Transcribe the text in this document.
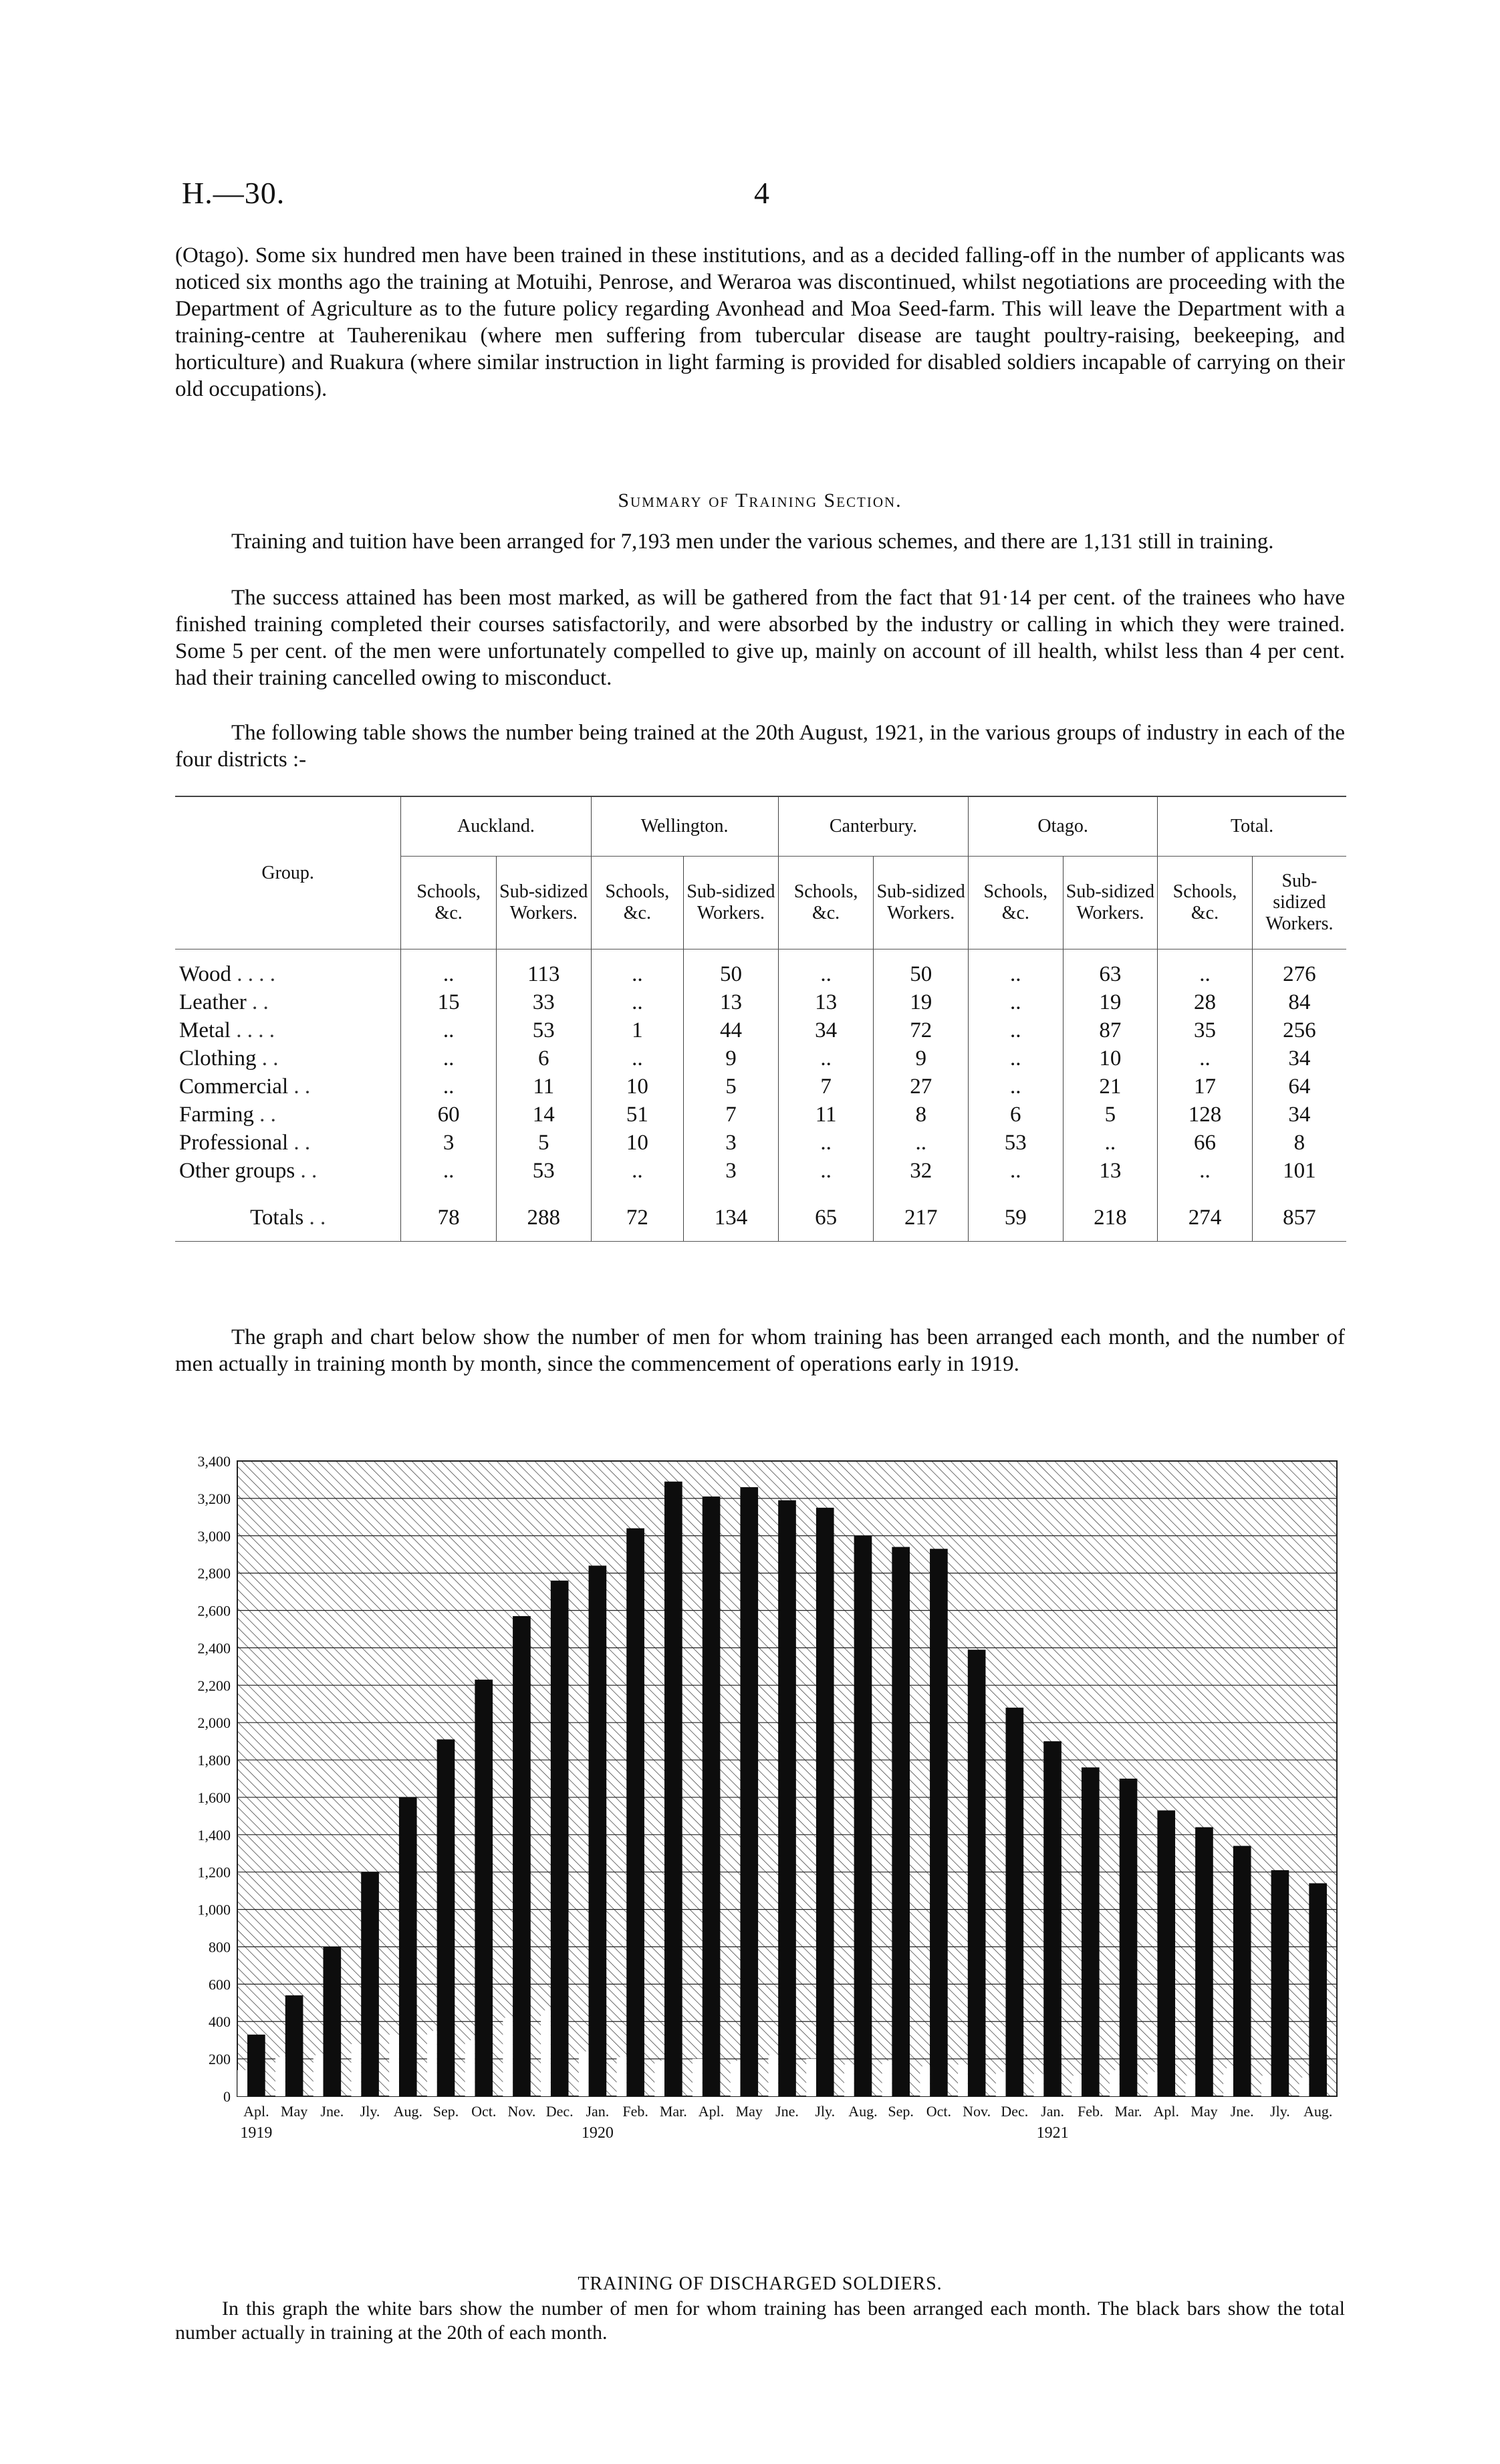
H.—30.	4

(Otago). Some six hundred men have been trained in these institutions, and as a decided falling-off in the number of applicants was noticed six months ago the training at Motuihi, Penrose, and Weraroa was discontinued, whilst negotiations are proceeding with the Department of Agriculture as to the future policy regarding Avonhead and Moa Seed-farm. This will leave the Department with a training-centre at Tauherenikau (where men suffering from tubercular disease are taught poultry-raising, beekeeping, and horticulture) and Ruakura (where similar instruction in light farming is provided for disabled soldiers incapable of carrying on their old occupations).

Summary of Training Section.

Training and tuition have been arranged for 7,193 men under the various schemes, and there are 1,131 still in training.

The success attained has been most marked, as will be gathered from the fact that 91·14 per cent. of the trainees who have finished training completed their courses satisfactorily, and were absorbed by the industry or calling in which they were trained. Some 5 per cent. of the men were unfortunately compelled to give up, mainly on account of ill health, whilst less than 4 per cent. had their training cancelled owing to misconduct.

The following table shows the number being trained at the 20th August, 1921, in the various groups of industry in each of the four districts :-

Group.	Auckland.		Wellington.		Canterbury.		Otago.		Total.	
	Schools, &c.	Sub-sidized Workers.	Schools, &c.	Sub-sidized Workers.	Schools, &c.	Sub-sidized Workers.	Schools, &c.	Sub-sidized Workers.	Schools, &c.	Sub-sidized Workers.
Wood . . . .	..	113	..	50	..	50	..	63	..	276
Leather . .	15	33	..	13	13	19	..	19	28	84
Metal . . . .	..	53	1	44	34	72	..	87	35	256
Clothing . .	..	6	..	9	..	9	..	10	..	34
Commercial . .	..	11	10	5	7	27	..	21	17	64
Farming . .	60	14	51	7	11	8	6	5	128	34
Professional . .	3	5	10	3	..	..	53	..	66	8
Other groups . .	..	53	..	3	..	32	..	13	..	101
Totals . .	78	288	72	134	65	217	59	218	274	857

The graph and chart below show the number of men for whom training has been arranged each month, and the number of men actually in training month by month, since the commencement of operations early in 1919.

0
200
400
600
800
1,000
1,200
1,400
1,600
1,800
2,000
2,200
2,400
2,600
2,800
3,000
3,200
3,400
Apl. May Jne. Jly. Aug. Sep. Oct. Nov. Dec. Jan. Feb. Mar. Apl. May Jne. Jly. Aug. Sep. Oct. Nov. Dec. Jan. Feb. Mar. Apl. May Jne. Jly. Aug.
1919	1920	1921

TRAINING OF DISCHARGED SOLDIERS.

In this graph the white bars show the number of men for whom training has been arranged each month. The black bars show the total number actually in training at the 20th of each month.
